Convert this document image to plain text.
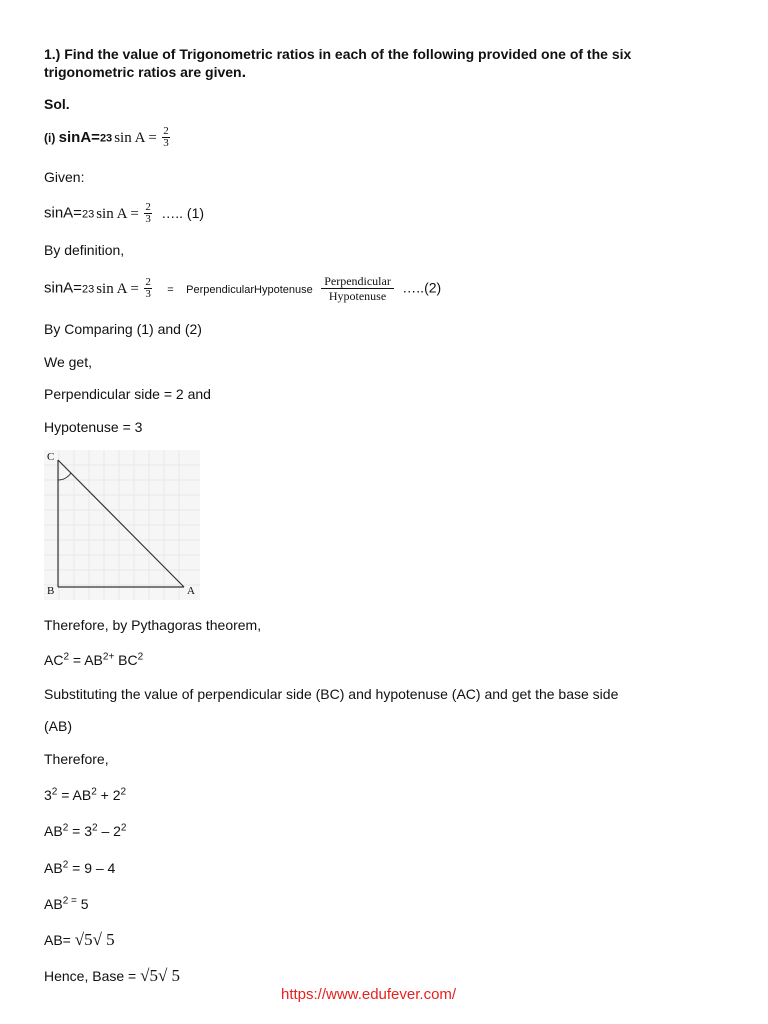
1.) Find the value of Trigonometric ratios in each of the following provided one of the six
trigonometric ratios are given.
Sol.
(i) sinA=23 $\sin A = \frac{2}{3}$
Given:
sinA=23 $\sin A = \frac{2}{3}$ ….. (1)
By definition,
sinA=23 $\sin A = \frac{2}{3}$ = PerpendicularHypotenuse
Perpendicular
Hypotenuse
…..(2)
By Comparing (1) and (2)
We get,
Perpendicular side = 2 and
Hypotenuse = 3
C
B	A
Therefore, by Pythagoras theorem,
$AC^2 = AB^{2+}$ $BC^2$
Substituting the value of perpendicular side (BC) and hypotenuse (AC) and get the base side
(AB)
Therefore,
$3^2 = AB^2 + 2^2$
$AB^2 = 3^2 - 2^2$
$AB^2 = 9 - 4$
$AB^{2 =}$ 5
AB= √5√ 5
Hence, Base = √5√ 5
https://www.edufever.com/
